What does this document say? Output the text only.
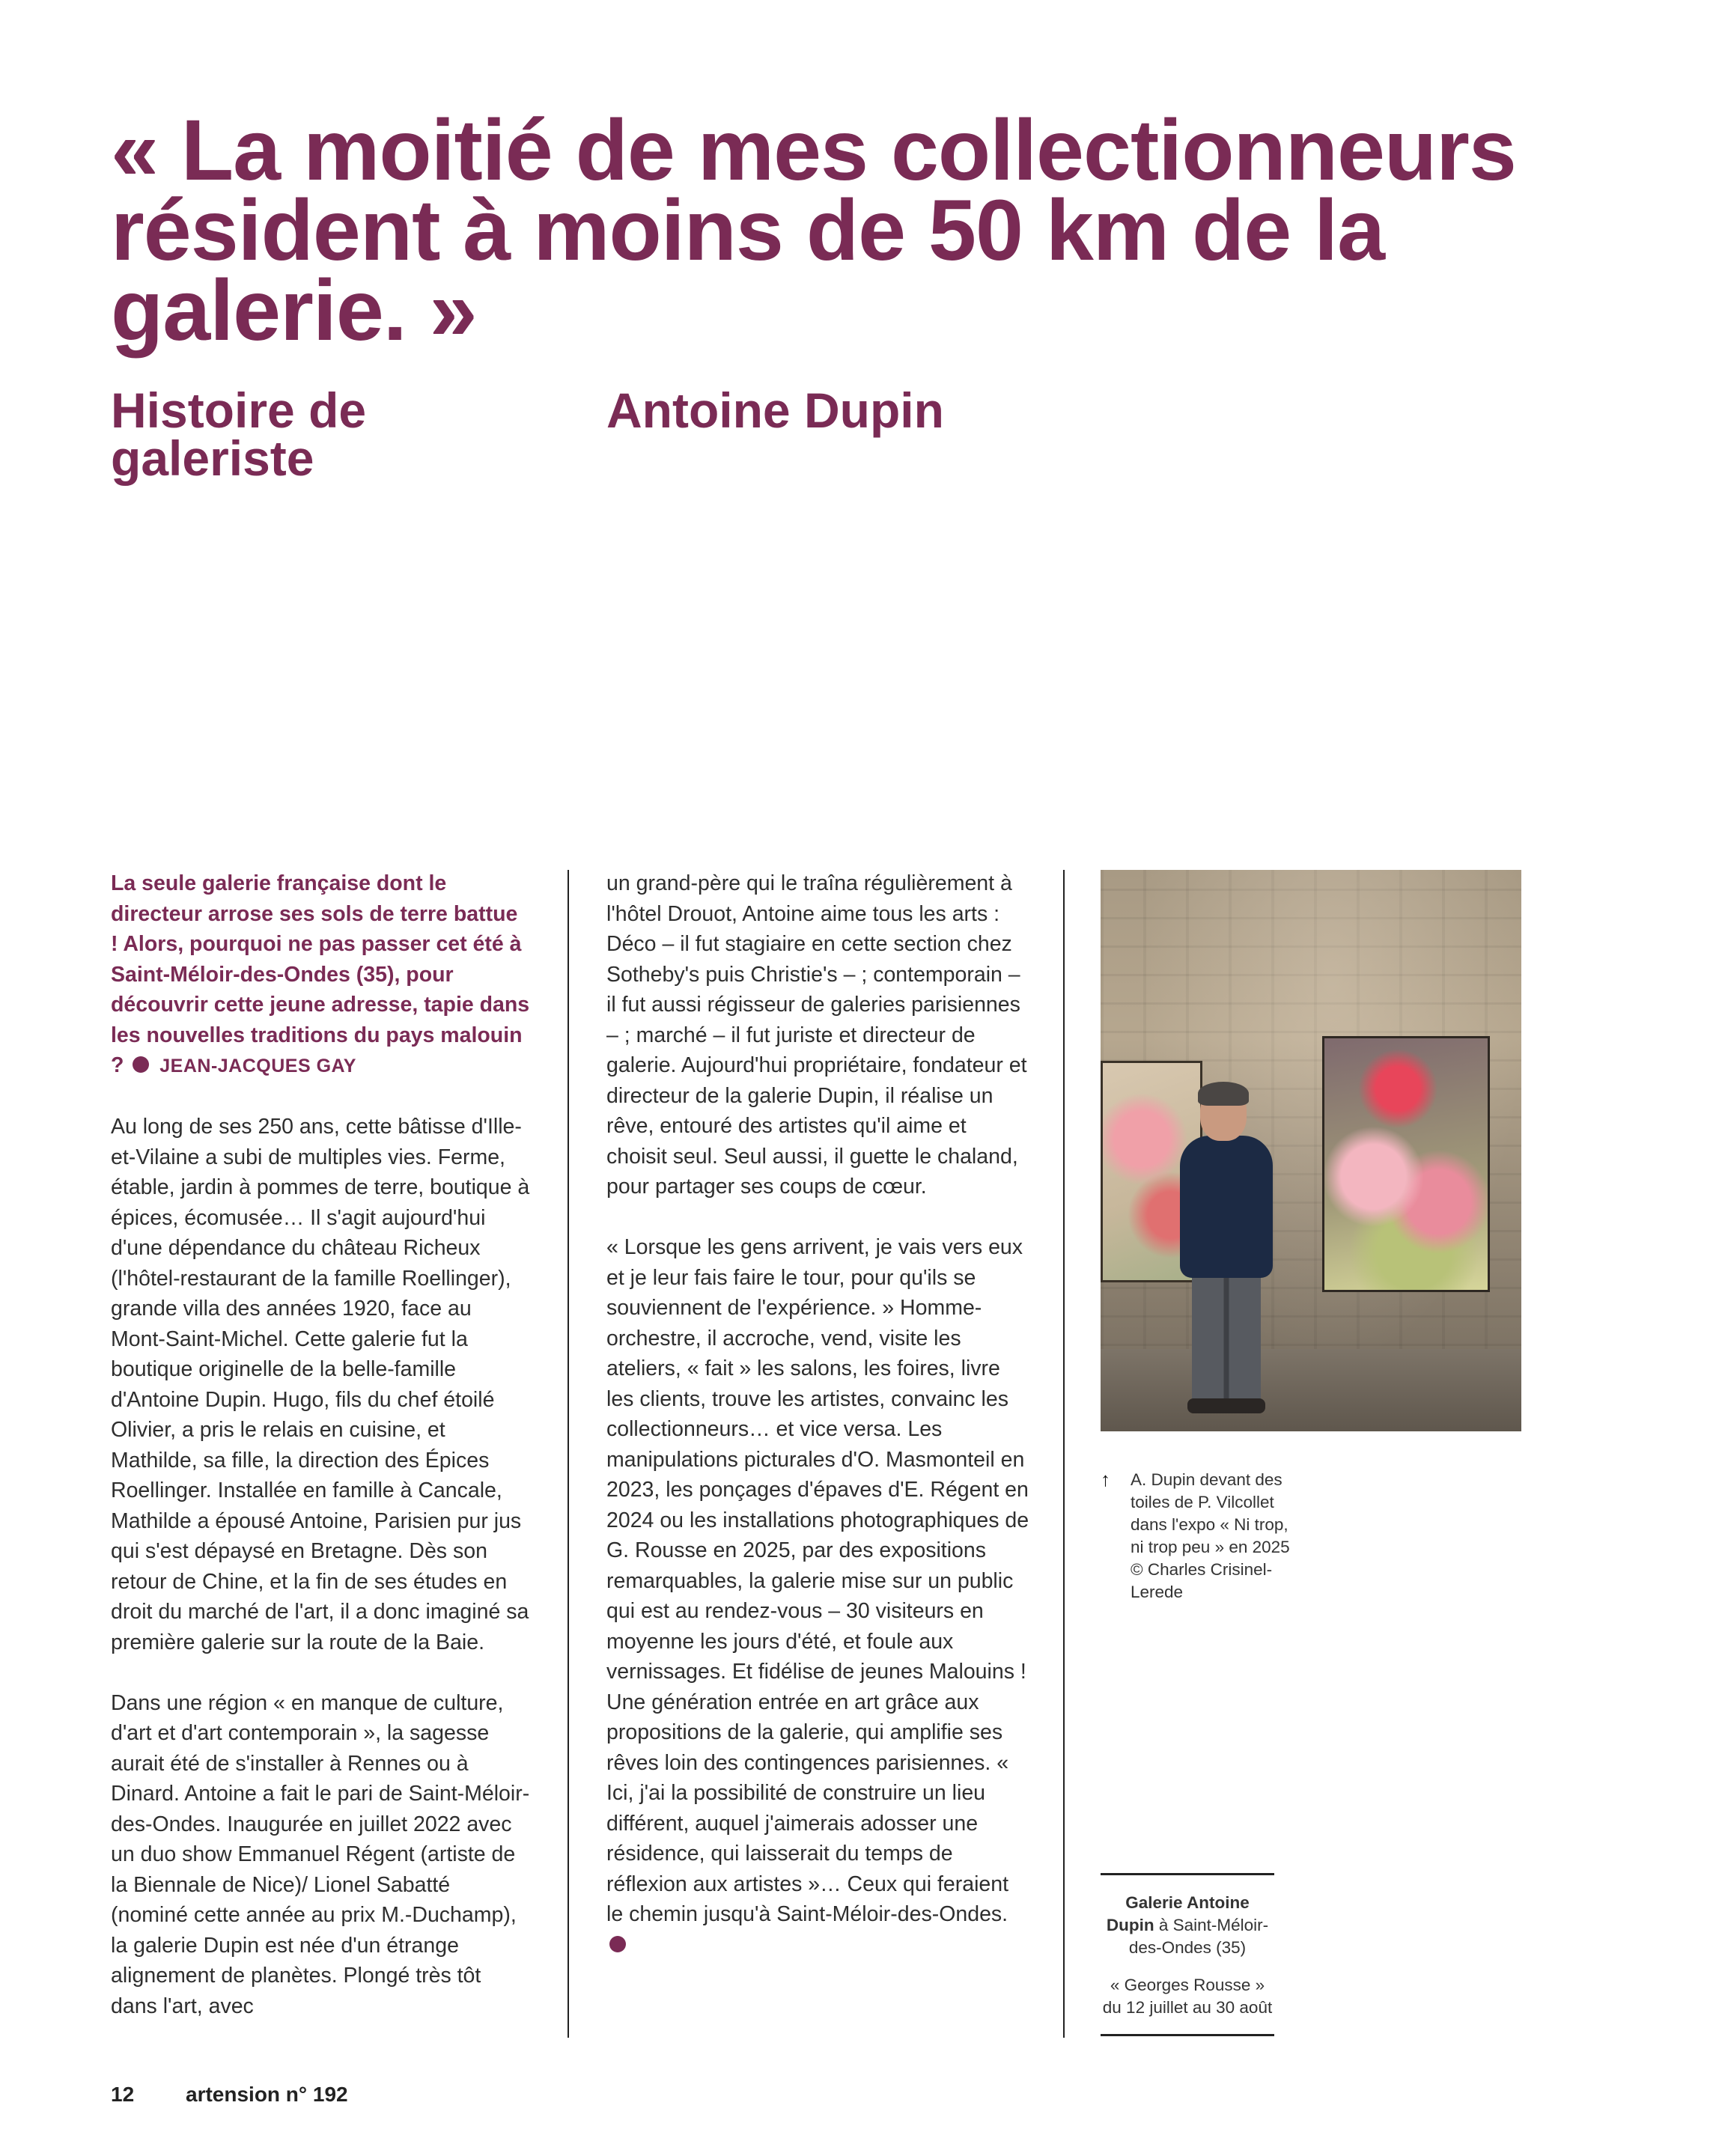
« La moitié de mes collectionneurs résident à moins de 50 km de la galerie. »
Histoire de galeriste
Antoine Dupin

La seule galerie française dont le directeur arrose ses sols de terre battue ! Alors, pourquoi ne pas passer cet été à Saint-Méloir-des-Ondes (35), pour découvrir cette jeune adresse, tapie dans les nouvelles traditions du pays malouin ? JEAN-JACQUES GAY

Au long de ses 250 ans, cette bâtisse d'Ille-et-Vilaine a subi de multiples vies. Ferme, étable, jardin à pommes de terre, boutique à épices, écomusée… Il s'agit aujourd'hui d'une dépendance du château Richeux (l'hôtel-restaurant de la famille Roellinger), grande villa des années 1920, face au Mont-Saint-Michel. Cette galerie fut la boutique originelle de la belle-famille d'Antoine Dupin. Hugo, fils du chef étoilé Olivier, a pris le relais en cuisine, et Mathilde, sa fille, la direction des Épices Roellinger. Installée en famille à Cancale, Mathilde a épousé Antoine, Parisien pur jus qui s'est dépaysé en Bretagne. Dès son retour de Chine, et la fin de ses études en droit du marché de l'art, il a donc imaginé sa première galerie sur la route de la Baie.

Dans une région « en manque de culture, d'art et d'art contemporain », la sagesse aurait été de s'installer à Rennes ou à Dinard. Antoine a fait le pari de Saint-Méloir-des-Ondes. Inaugurée en juillet 2022 avec un duo show Emmanuel Régent (artiste de la Biennale de Nice)/ Lionel Sabatté (nominé cette année au prix M.-Duchamp), la galerie Dupin est née d'un étrange alignement de planètes. Plongé très tôt dans l'art, avec

un grand-père qui le traîna régulièrement à l'hôtel Drouot, Antoine aime tous les arts : Déco – il fut stagiaire en cette section chez Sotheby's puis Christie's – ; contemporain – il fut aussi régisseur de galeries parisiennes – ; marché – il fut juriste et directeur de galerie. Aujourd'hui propriétaire, fondateur et directeur de la galerie Dupin, il réalise un rêve, entouré des artistes qu'il aime et choisit seul. Seul aussi, il guette le chaland, pour partager ses coups de cœur.

« Lorsque les gens arrivent, je vais vers eux et je leur fais faire le tour, pour qu'ils se souviennent de l'expérience. » Homme-orchestre, il accroche, vend, visite les ateliers, « fait » les salons, les foires, livre les clients, trouve les artistes, convainc les collectionneurs… et vice versa. Les manipulations picturales d'O. Masmonteil en 2023, les ponçages d'épaves d'E. Régent en 2024 ou les installations photographiques de G. Rousse en 2025, par des expositions remarquables, la galerie mise sur un public qui est au rendez-vous – 30 visiteurs en moyenne les jours d'été, et foule aux vernissages. Et fidélise de jeunes Malouins ! Une génération entrée en art grâce aux propositions de la galerie, qui amplifie ses rêves loin des contingences parisiennes. « Ici, j'ai la possibilité de construire un lieu différent, auquel j'aimerais adosser une résidence, qui laisserait du temps de réflexion aux artistes »… Ceux qui feraient le chemin jusqu'à Saint-Méloir-des-Ondes.

↑	A. Dupin devant des toiles de P. Vilcollet dans l'expo « Ni trop, ni trop peu » en 2025 © Charles Crisinel-Lerede
Galerie Antoine Dupin à Saint-Méloir-des-Ondes (35)
« Georges Rousse » du 12 juillet au 30 août
12 artension n° 192
